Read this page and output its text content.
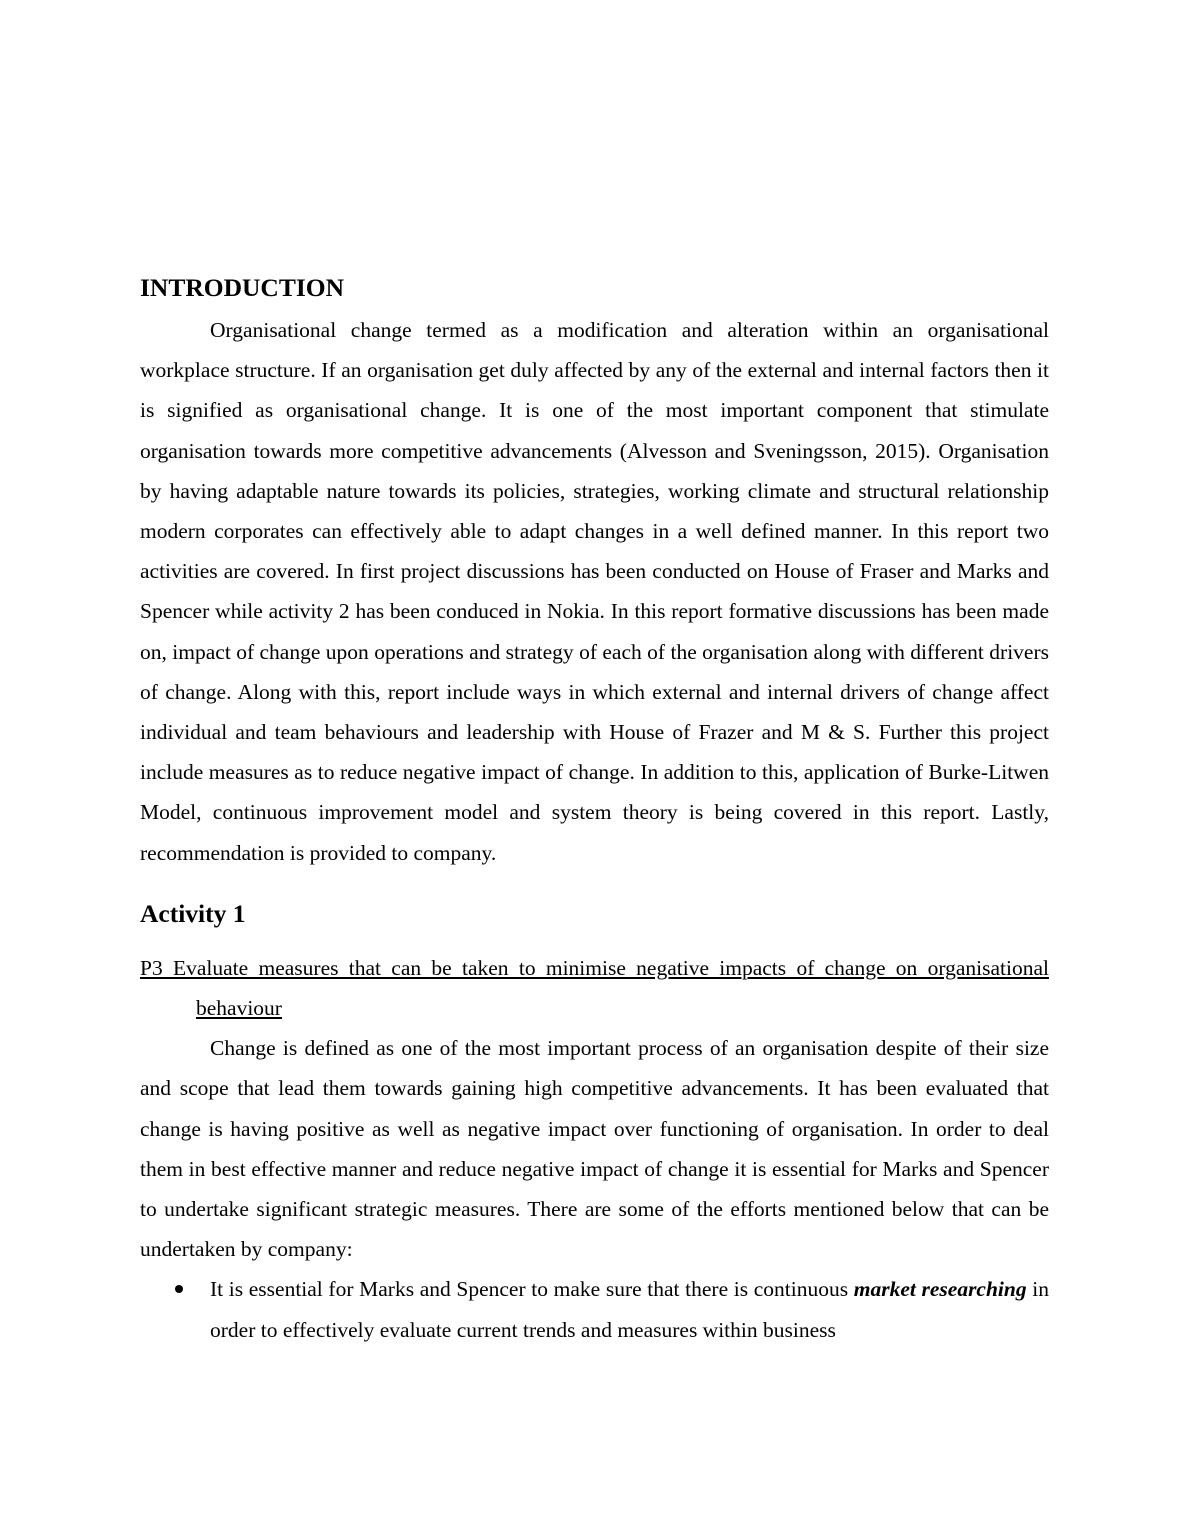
INTRODUCTION

Organisational change termed as a modification and alteration within an organisational workplace structure. If an organisation get duly affected by any of the external and internal factors then it is signified as organisational change. It is one of the most important component that stimulate organisation towards more competitive advancements (Alvesson and Sveningsson, 2015). Organisation by having adaptable nature towards its policies, strategies, working climate and structural relationship modern corporates can effectively able to adapt changes in a well defined manner. In this report two activities are covered. In first project discussions has been conducted on House of Fraser and Marks and Spencer while activity 2 has been conduced in Nokia. In this report formative discussions has been made on, impact of change upon operations and strategy of each of the organisation along with different drivers of change. Along with this, report include ways in which external and internal drivers of change affect individual and team behaviours and leadership with House of Frazer and M & S. Further this project include measures as to reduce negative impact of change. In addition to this, application of Burke-Litwen Model, continuous improvement model and system theory is being covered in this report. Lastly, recommendation is provided to company.

Activity 1

P3 Evaluate measures that can be taken to minimise negative impacts of change on organisational behaviour

Change is defined as one of the most important process of an organisation despite of their size and scope that lead them towards gaining high competitive advancements. It has been evaluated that change is having positive as well as negative impact over functioning of organisation. In order to deal them in best effective manner and reduce negative impact of change it is essential for Marks and Spencer to undertake significant strategic measures. There are some of the efforts mentioned below that can be undertaken by company:

It is essential for Marks and Spencer to make sure that there is continuous market researching in order to effectively evaluate current trends and measures within business
